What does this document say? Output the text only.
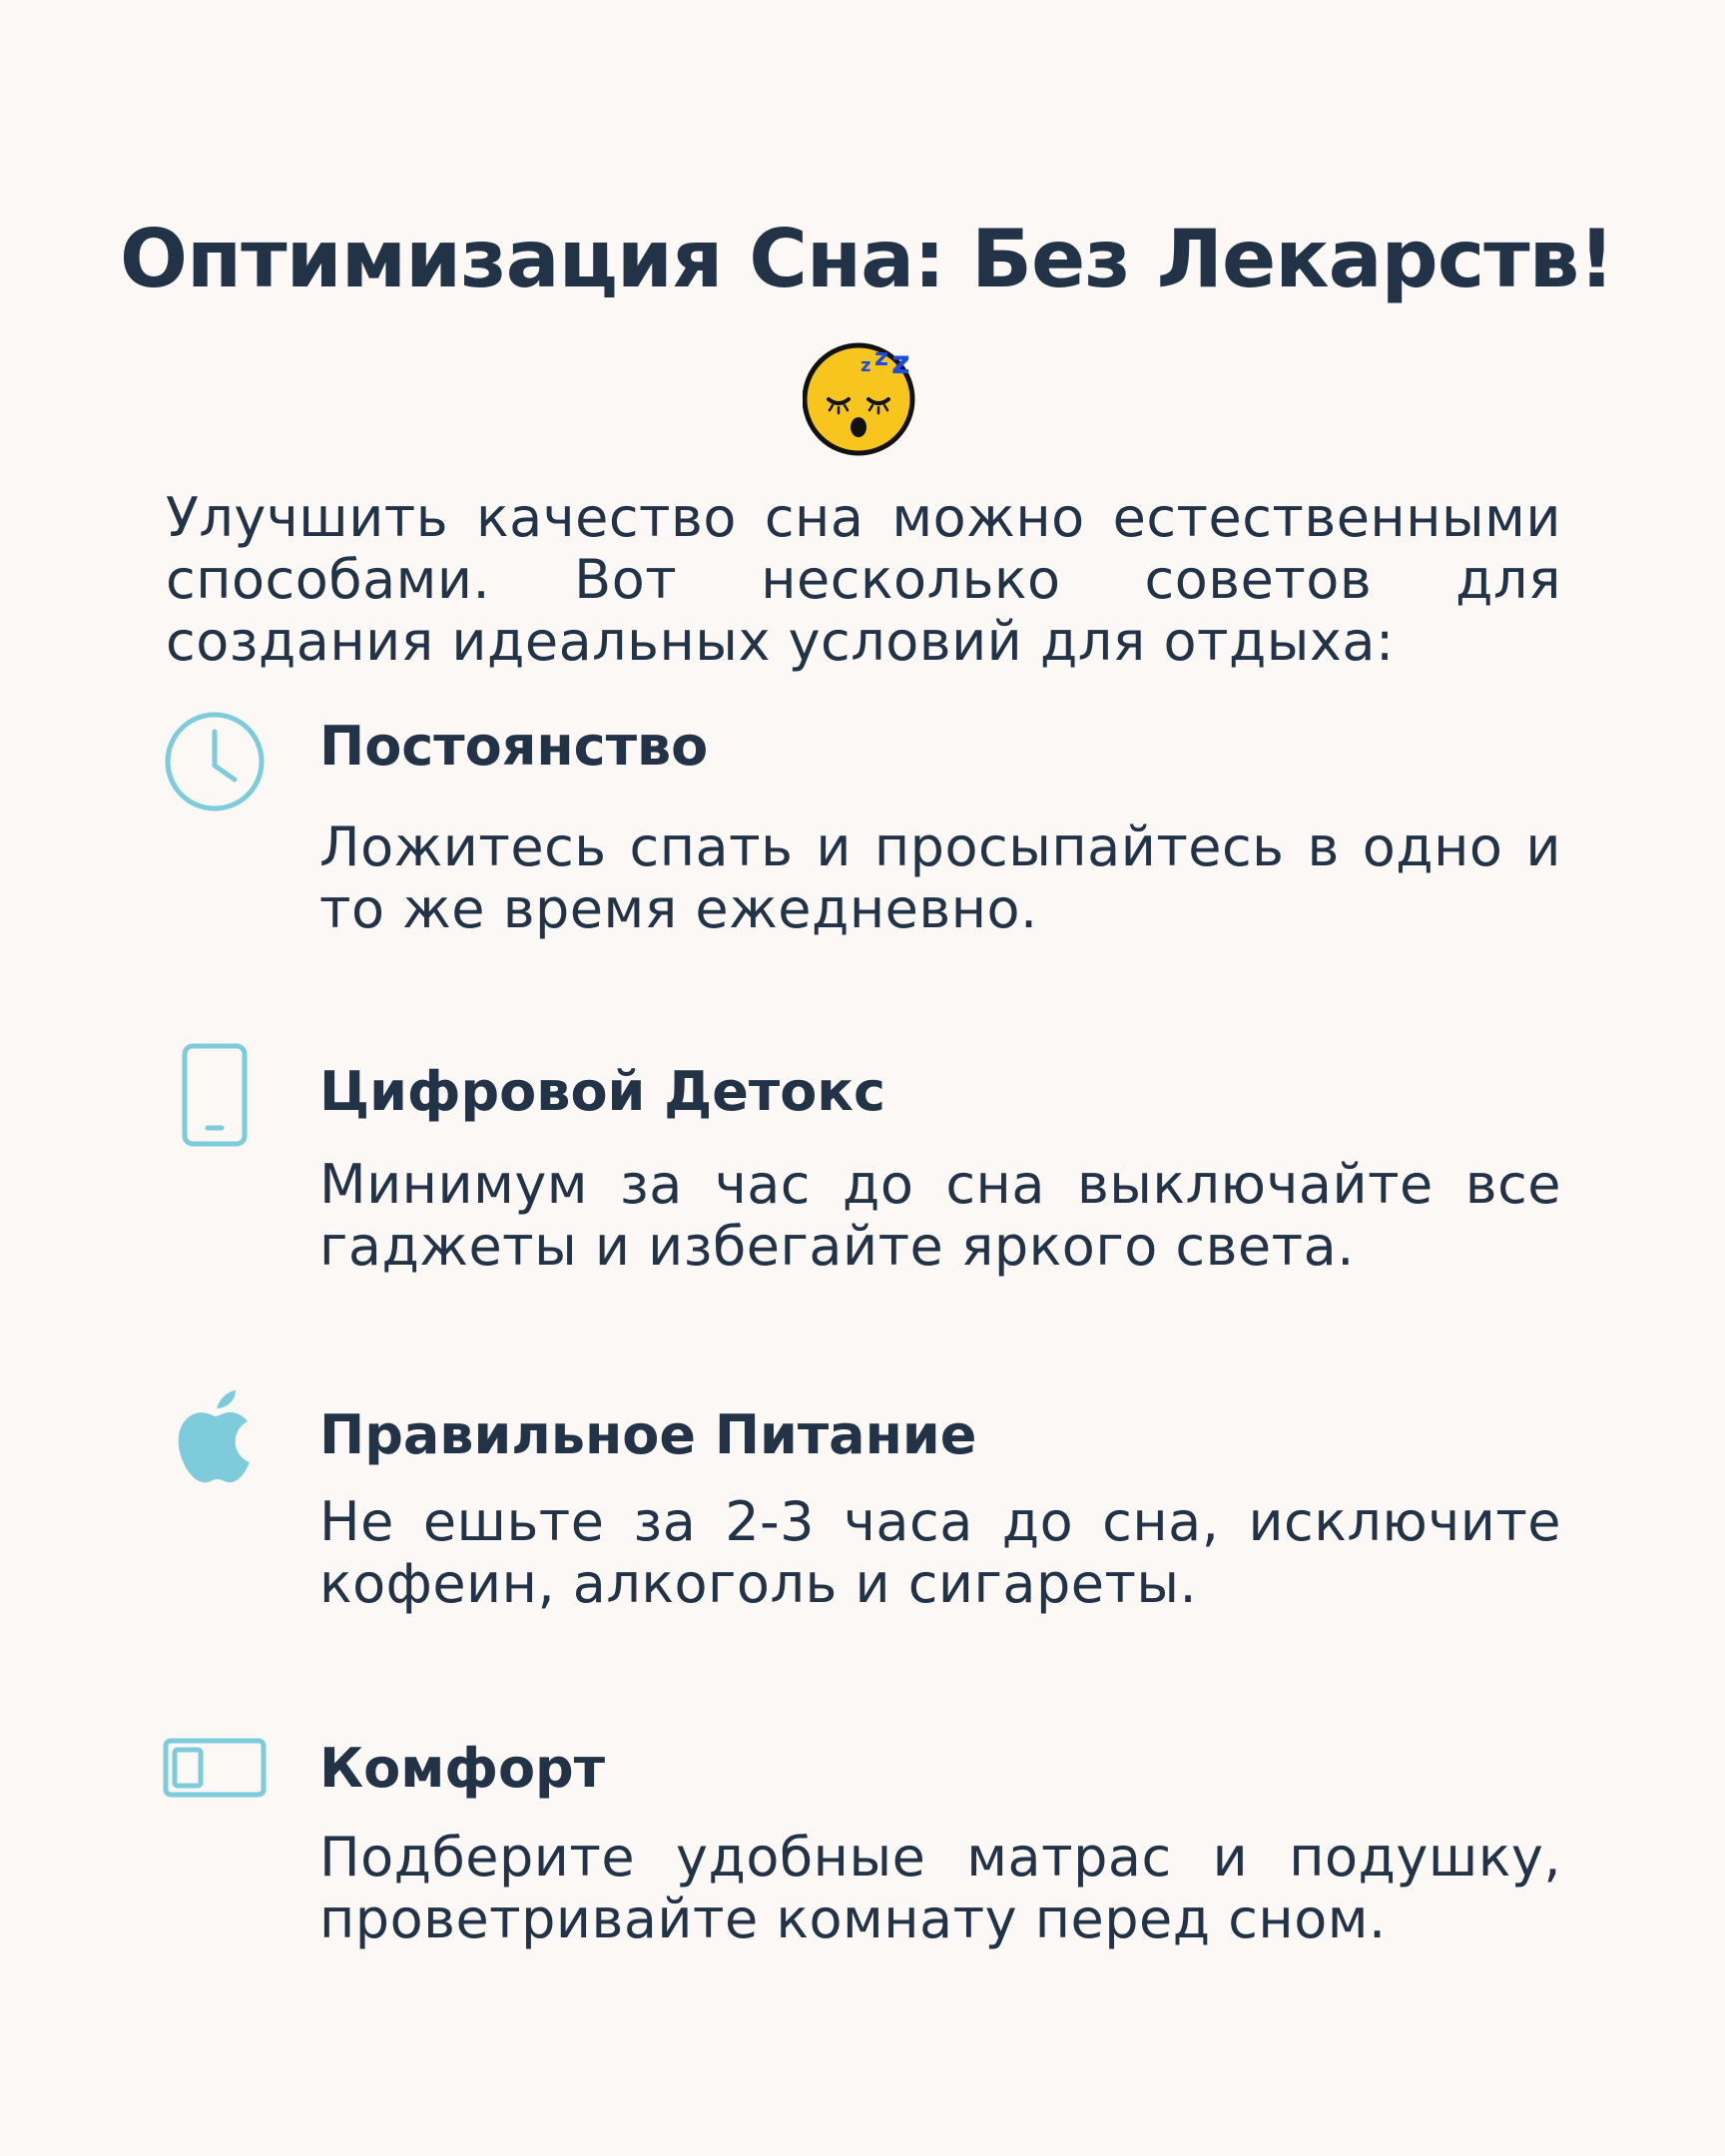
Оптимизация Сна: Без Лекарств!
z z z
Улучшить качество сна можно естественными способами. Вот несколько советов для создания идеальных условий для отдыха:
Постоянство
Ложитесь спать и просыпайтесь в одно и то же время ежедневно.
Цифровой Детокс
Минимум за час до сна выключайте все гаджеты и избегайте яркого света.
Правильное Питание
Не ешьте за 2-3 часа до сна, исключите кофеин, алкоголь и сигареты.
Комфорт
Подберите удобные матрас и подушку, проветривайте комнату перед сном.
